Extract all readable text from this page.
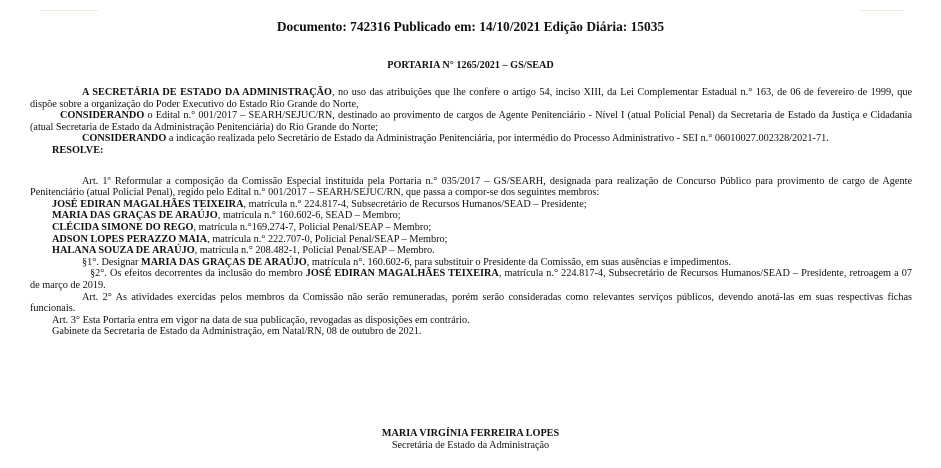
Documento: 742316 Publicado em: 14/10/2021 Edição Diária: 15035
PORTARIA N° 1265/2021 – GS/SEAD

A SECRETÁRIA DE ESTADO DA ADMINISTRAÇÃO, no uso das atribuições que lhe confere o artigo 54, inciso XIII, da Lei Complementar Estadual n.° 163, de 06 de fevereiro de 1999, que dispõe sobre a organização do Poder Executivo do Estado Rio Grande do Norte,

CONSIDERANDO o Edital n.° 001/2017 – SEARH/SEJUC/RN, destinado ao provimento de cargos de Agente Penitenciário - Nível I (atual Policial Penal) da Secretaria de Estado da Justiça e Cidadania (atual Secretaria de Estado da Administração Penitenciária) do Rio Grande do Norte;

CONSIDERANDO a indicação realizada pelo Secretário de Estado da Administração Penitenciária, por intermédio do Processo Administrativo - SEI n.° 06010027.002328/2021-71.

RESOLVE:

Art. 1º Reformular a composição da Comissão Especial instituída pela Portaria n.° 035/2017 – GS/SEARH, designada para realização de Concurso Público para provimento de cargo de Agente Penitenciário (atual Policial Penal), regido pelo Edital n.° 001/2017 – SEARH/SEJUC/RN, que passa a compor-se dos seguintes membros:

JOSÉ EDIRAN MAGALHÃES TEIXEIRA, matrícula n.° 224.817-4, Subsecretário de Recursos Humanos/SEAD – Presidente;

MARIA DAS GRAÇAS DE ARAÚJO, matrícula n.° 160.602-6, SEAD – Membro;

CLÉCIDA SIMONE DO REGO, matrícula n.°169.274-7, Policial Penal/SEAP – Membro;

ADSON LOPES PERAZZO MAIA, matrícula n.° 222.707-0, Policial Penal/SEAP – Membro;

HALANA SOUZA DE ARAÚJO, matrícula n.° 208.482-1, Policial Penal/SEAP – Membro.

§1°. Designar MARIA DAS GRAÇAS DE ARAÚJO, matrícula n°. 160.602-6, para substituir o Presidente da Comissão, em suas ausências e impedimentos.

§2°. Os efeitos decorrentes da inclusão do membro JOSÉ EDIRAN MAGALHÃES TEIXEIRA, matrícula n.° 224.817-4, Subsecretário de Recursos Humanos/SEAD – Presidente, retroagem a 07 de março de 2019.

Art. 2° As atividades exercidas pelos membros da Comissão não serão remuneradas, porém serão consideradas como relevantes serviços públicos, devendo anotá-las em suas respectivas fichas funcionais.

Art. 3° Esta Portaria entra em vigor na data de sua publicação, revogadas as disposições em contrário.

Gabinete da Secretaria de Estado da Administração, em Natal/RN, 08 de outubro de 2021.

MARIA VIRGÍNIA FERREIRA LOPES
Secretária de Estado da Administração
